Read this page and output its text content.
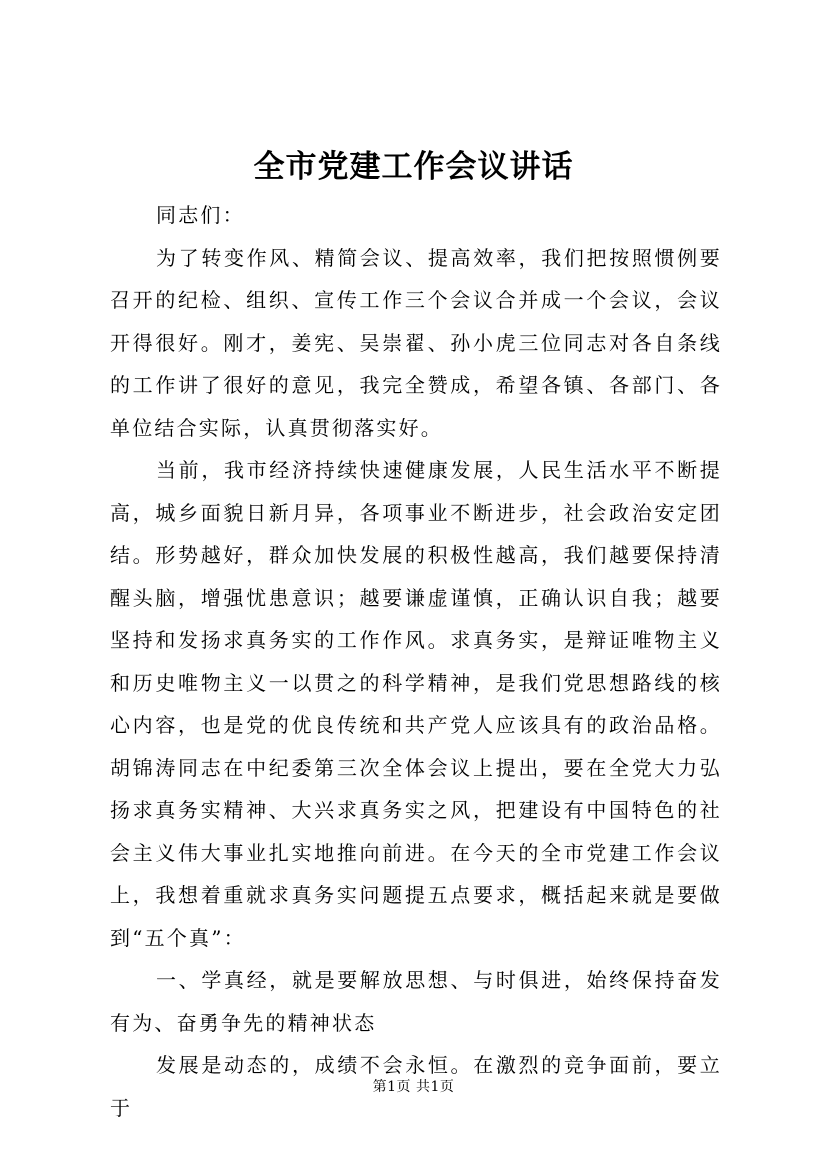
全市党建工作会议讲话

同志们：

为了转变作风、精简会议、提高效率，我们把按照惯例要召开的纪检、组织、宣传工作三个会议合并成一个会议，会议开得很好。刚才，姜宪、吴崇翟、孙小虎三位同志对各自条线的工作讲了很好的意见，我完全赞成，希望各镇、各部门、各单位结合实际，认真贯彻落实好。

当前，我市经济持续快速健康发展，人民生活水平不断提高，城乡面貌日新月异，各项事业不断进步，社会政治安定团结。形势越好，群众加快发展的积极性越高，我们越要保持清醒头脑，增强忧患意识；越要谦虚谨慎，正确认识自我；越要坚持和发扬求真务实的工作作风。求真务实，是辩证唯物主义和历史唯物主义一以贯之的科学精神，是我们党思想路线的核心内容，也是党的优良传统和共产党人应该具有的政治品格。胡锦涛同志在中纪委第三次全体会议上提出，要在全党大力弘扬求真务实精神、大兴求真务实之风，把建设有中国特色的社会主义伟大事业扎实地推向前进。在今天的全市党建工作会议上，我想着重就求真务实问题提五点要求，概括起来就是要做到“五个真”：

一、学真经，就是要解放思想、与时俱进，始终保持奋发有为、奋勇争先的精神状态

发展是动态的，成绩不会永恒。在激烈的竞争面前，要立于

第1页 共1页
